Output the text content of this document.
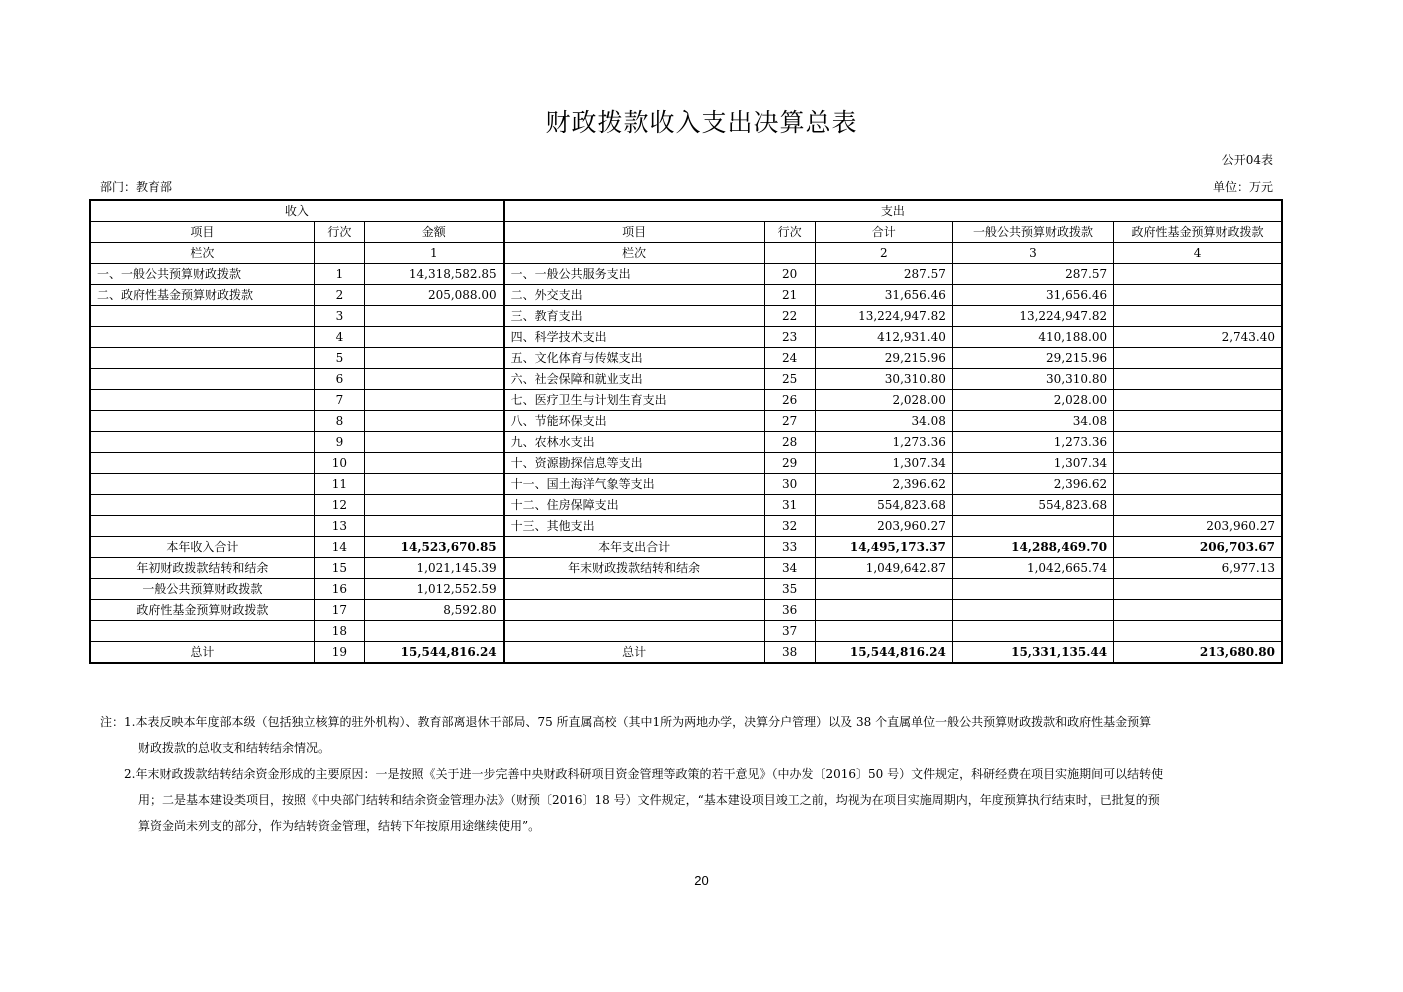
财政拨款收入支出决算总表
公开04表
部门：教育部	单位：万元
收入			支出				
项目	行次	金额	项目	行次	合计	一般公共预算财政拨款	政府性基金预算财政拨款
栏次		1	栏次		2	3	4
一、一般公共预算财政拨款	1	14,318,582.85	一、一般公共服务支出	20	287.57	287.57	
二、政府性基金预算财政拨款	2	205,088.00	二、外交支出	21	31,656.46	31,656.46	
	3		三、教育支出	22	13,224,947.82	13,224,947.82	
	4		四、科学技术支出	23	412,931.40	410,188.00	2,743.40
	5		五、文化体育与传媒支出	24	29,215.96	29,215.96	
	6		六、社会保障和就业支出	25	30,310.80	30,310.80	
	7		七、医疗卫生与计划生育支出	26	2,028.00	2,028.00	
	8		八、节能环保支出	27	34.08	34.08	
	9		九、农林水支出	28	1,273.36	1,273.36	
	10		十、资源勘探信息等支出	29	1,307.34	1,307.34	
	11		十一、国土海洋气象等支出	30	2,396.62	2,396.62	
	12		十二、住房保障支出	31	554,823.68	554,823.68	
	13		十三、其他支出	32	203,960.27		203,960.27
本年收入合计	14	14,523,670.85	本年支出合计	33	14,495,173.37	14,288,469.70	206,703.67
年初财政拨款结转和结余	15	1,021,145.39	年末财政拨款结转和结余	34	1,049,642.87	1,042,665.74	6,977.13
一般公共预算财政拨款	16	1,012,552.59		35			
政府性基金预算财政拨款	17	8,592.80		36			
	18			37			
总计	19	15,544,816.24	总计	38	15,544,816.24	15,331,135.44	213,680.80
注：1.本表反映本年度部本级（包括独立核算的驻外机构）、教育部离退休干部局、75 所直属高校（其中1所为两地办学，决算分户管理）以及 38 个直属单位一般公共预算财政拨款和政府性基金预算
财政拨款的总收支和结转结余情况。
2.年末财政拨款结转结余资金形成的主要原因：一是按照《关于进一步完善中央财政科研项目资金管理等政策的若干意见》（中办发〔2016〕50 号）文件规定，科研经费在项目实施期间可以结转使
用；二是基本建设类项目，按照《中央部门结转和结余资金管理办法》（财预〔2016〕18 号）文件规定，“基本建设项目竣工之前，均视为在项目实施周期内，年度预算执行结束时，已批复的预
算资金尚未列支的部分，作为结转资金管理，结转下年按原用途继续使用”。
20
